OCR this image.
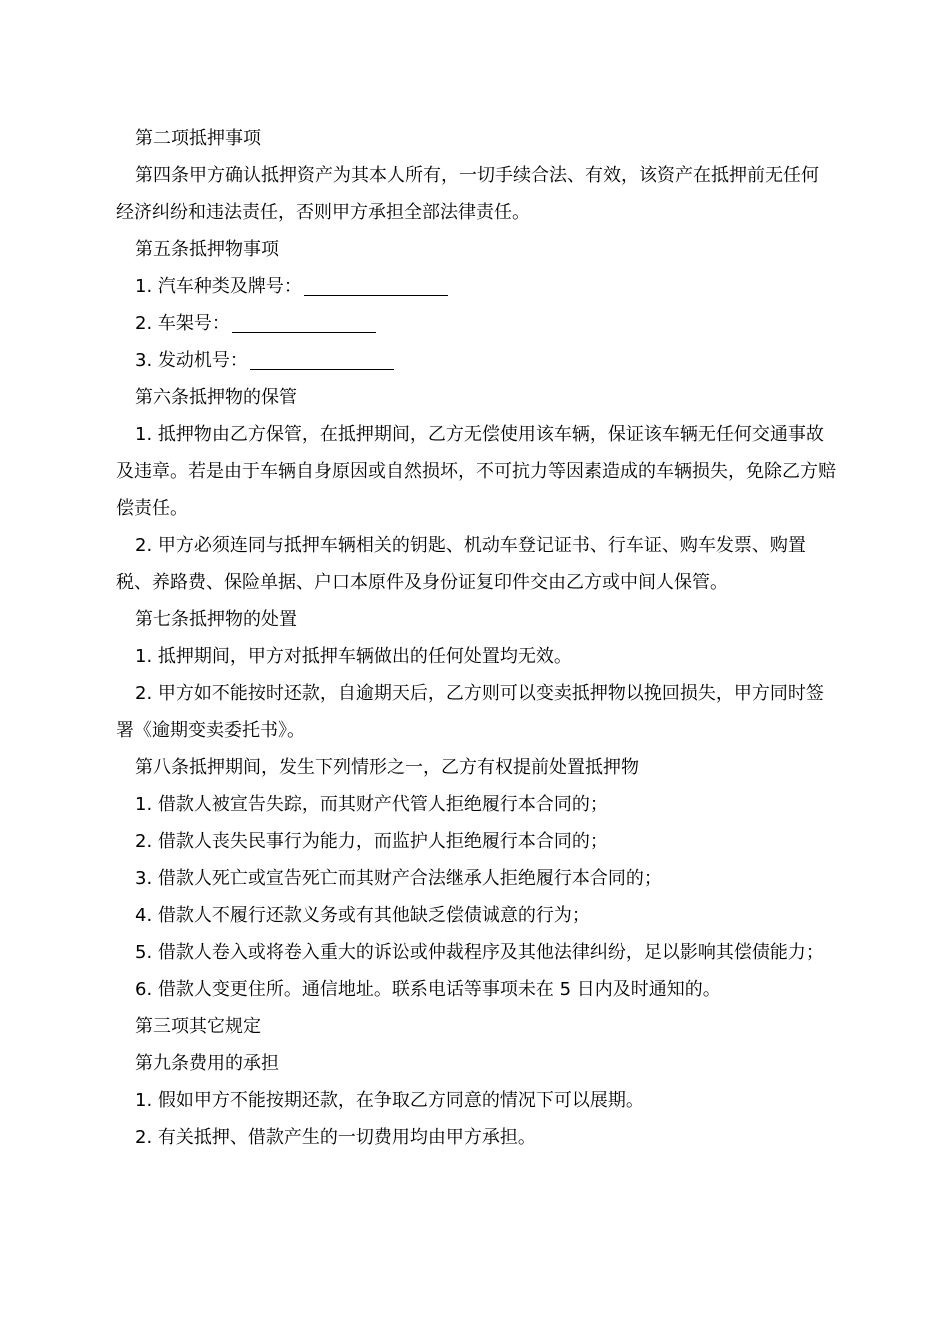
第二项抵押事项

第四条甲方确认抵押资产为其本人所有，一切手续合法、有效，该资产在抵押前无任何经济纠纷和违法责任，否则甲方承担全部法律责任。

第五条抵押物事项

1. 汽车种类及牌号：

2. 车架号：

3. 发动机号：

第六条抵押物的保管

1. 抵押物由乙方保管，在抵押期间，乙方无偿使用该车辆，保证该车辆无任何交通事故及违章。若是由于车辆自身原因或自然损坏，不可抗力等因素造成的车辆损失，免除乙方赔偿责任。

2. 甲方必须连同与抵押车辆相关的钥匙、机动车登记证书、行车证、购车发票、购置税、养路费、保险单据、户口本原件及身份证复印件交由乙方或中间人保管。

第七条抵押物的处置

1. 抵押期间，甲方对抵押车辆做出的任何处置均无效。

2. 甲方如不能按时还款，自逾期天后，乙方则可以变卖抵押物以挽回损失，甲方同时签署《逾期变卖委托书》。

第八条抵押期间，发生下列情形之一，乙方有权提前处置抵押物

1. 借款人被宣告失踪，而其财产代管人拒绝履行本合同的；

2. 借款人丧失民事行为能力，而监护人拒绝履行本合同的；

3. 借款人死亡或宣告死亡而其财产合法继承人拒绝履行本合同的；

4. 借款人不履行还款义务或有其他缺乏偿债诚意的行为；

5. 借款人卷入或将卷入重大的诉讼或仲裁程序及其他法律纠纷，足以影响其偿债能力；

6. 借款人变更住所。通信地址。联系电话等事项未在 5 日内及时通知的。

第三项其它规定

第九条费用的承担

1. 假如甲方不能按期还款，在争取乙方同意的情况下可以展期。

2. 有关抵押、借款产生的一切费用均由甲方承担。
